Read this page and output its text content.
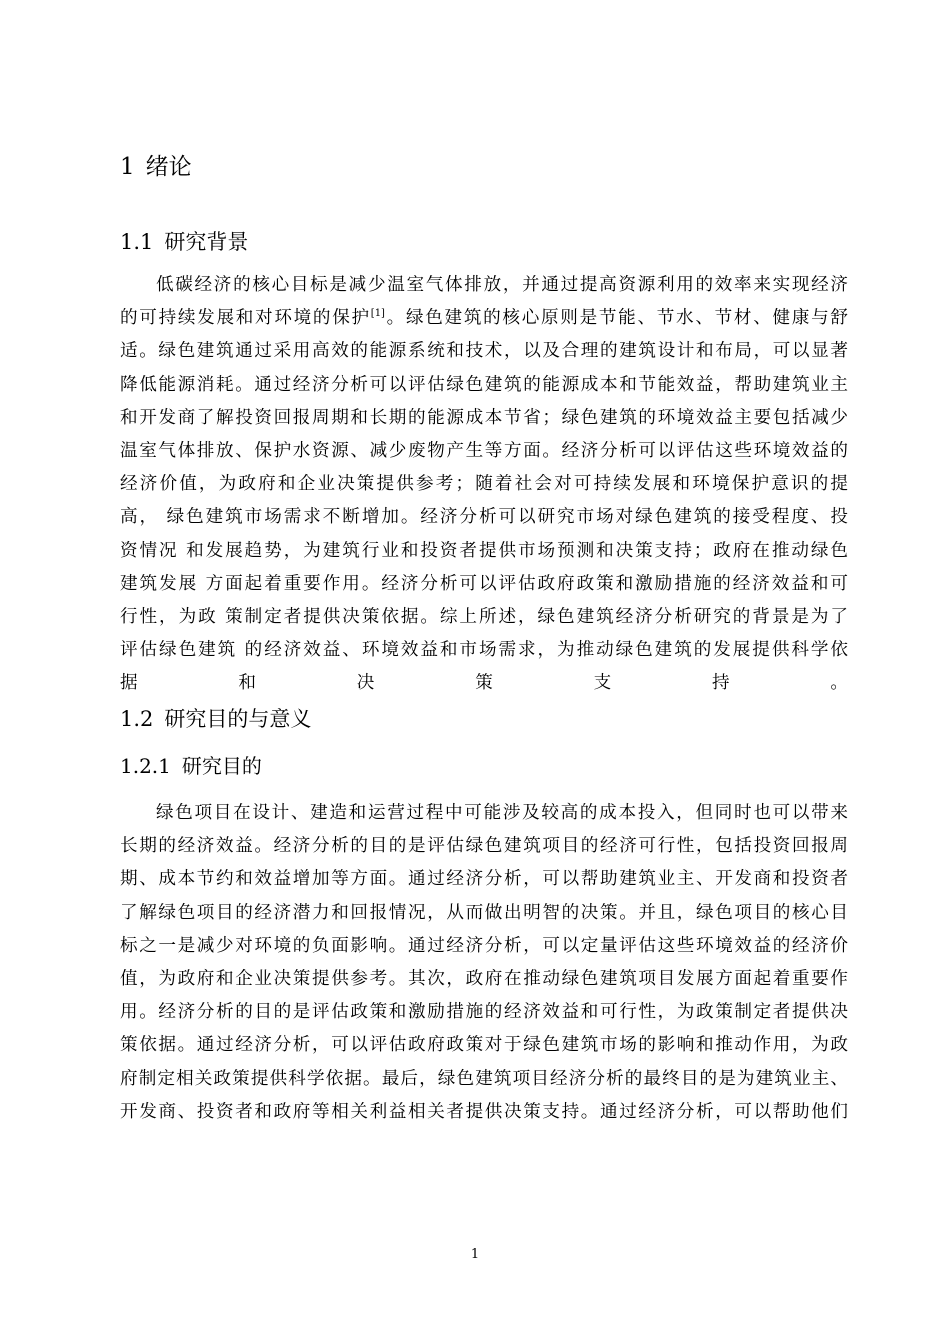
1 绪论
1.1 研究背景
低碳经济的核心目标是减少温室气体排放，并通过提高资源利用的效率来实现经济
的可持续发展和对环境的保护[1]。绿色建筑的核心原则是节能、节水、节材、健康与舒
适。绿色建筑通过采用高效的能源系统和技术，以及合理的建筑设计和布局，可以显著
降低能源消耗。通过经济分析可以评估绿色建筑的能源成本和节能效益，帮助建筑业主
和开发商了解投资回报周期和长期的能源成本节省；绿色建筑的环境效益主要包括减少
温室气体排放、保护水资源、减少废物产生等方面。经济分析可以评估这些环境效益的
经济价值，为政府和企业决策提供参考；随着社会对可持续发展和环境保护意识的提
高， 绿色建筑市场需求不断增加。经济分析可以研究市场对绿色建筑的接受程度、投
资情况 和发展趋势，为建筑行业和投资者提供市场预测和决策支持；政府在推动绿色
建筑发展 方面起着重要作用。经济分析可以评估政府政策和激励措施的经济效益和可
行性，为政 策制定者提供决策依据。综上所述，绿色建筑经济分析研究的背景是为了
评估绿色建筑 的经济效益、环境效益和市场需求，为推动绿色建筑的发展提供科学依
据和决策支持。
1.2 研究目的与意义
1.2.1 研究目的
绿色项目在设计、建造和运营过程中可能涉及较高的成本投入，但同时也可以带来
长期的经济效益。经济分析的目的是评估绿色建筑项目的经济可行性，包括投资回报周
期、成本节约和效益增加等方面。通过经济分析，可以帮助建筑业主、开发商和投资者
了解绿色项目的经济潜力和回报情况，从而做出明智的决策。并且，绿色项目的核心目
标之一是减少对环境的负面影响。通过经济分析，可以定量评估这些环境效益的经济价
值，为政府和企业决策提供参考。其次，政府在推动绿色建筑项目发展方面起着重要作
用。经济分析的目的是评估政策和激励措施的经济效益和可行性，为政策制定者提供决
策依据。通过经济分析，可以评估政府政策对于绿色建筑市场的影响和推动作用，为政
府制定相关政策提供科学依据。最后，绿色建筑项目经济分析的最终目的是为建筑业主、
开发商、投资者和政府等相关利益相关者提供决策支持。通过经济分析，可以帮助他们
1
